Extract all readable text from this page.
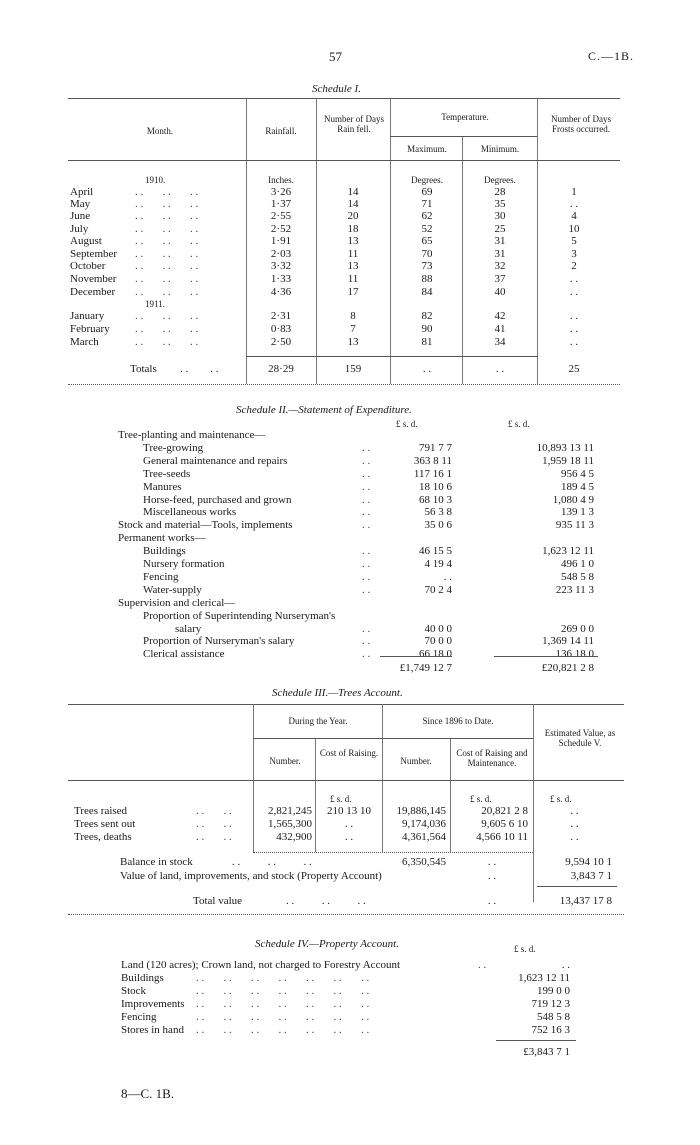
57	C.—1B.
Schedule I.
Month.	Rainfall.
Number of Days Rain fell.
Temperature.
Maximum.	Minimum.
Number of Days Frosts occurred.
1910.	Inches.	Degrees.	Degrees.
April	. .       . .       . .	3·26	14	69	28	1
May	. .       . .       . .	1·37	14	71	35	. .
June	. .       . .       . .	2·55	20	62	30	4
July	. .       . .       . .	2·52	18	52	25	10
August	. .       . .       . .	1·91	13	65	31	5
September . .       . .       . .	2·03	11	70	31	3
October	. .       . .       . .	3·32	13	73	32	2
November . .       . .       . .	1·33	11	88	37	. .
December . .       . .       . .	4·36	17	84	40	. .
January	. .       . .       . .	2·31	8	82	42	. .
February . .       . .       . .	0·83	7	90	41	. .
March	. .       . .       . .	2·50	13	81	34	. .
1911.
Totals . .        . .	28·29	159	. .	. .	25
Schedule II.—Statement of Expenditure.
£ s. d.	£ s. d.
Tree-planting and maintenance—
Tree-growing	. .	791 7 7	10,893 13 11
General maintenance and repairs	. .	363 8 11	1,959 18 11
Tree-seeds	. .	117 16 1	956 4 5
Manures	. .	18 10 6	189 4 5
Horse-feed, purchased and grown	. .	68 10 3	1,080 4 9
Miscellaneous works	. .	56 3 8	139 1 3
Stock and material—Tools, implements	. .	35 0 6	935 11 3
Permanent works—
Buildings	. .	46 15 5	1,623 12 11
Nursery formation	. .	4 19 4	496 1 0
Fencing	. .	. .	548 5 8
Water-supply	. .	70 2 4	223 11 3
Supervision and clerical—
Proportion of Superintending Nurseryman's
salary	. .	40 0 0	269 0 0
Proportion of Nurseryman's salary	. .	70 0 0	1,369 14 11
Clerical assistance	. .	66 18 0	136 18 0
£1,749 12 7	£20,821 2 8
Schedule III.—Trees Account.
During the Year.	Since 1896 to Date.
Number.
Cost of Raising.
Number.
Cost of Raising and Maintenance.
Estimated Value, as Schedule V.
£ s. d.	£ s. d.	£ s. d.
Trees raised	. .       . .	2,821,245	210 13 10	19,886,145	20,821 2 8	. .
Trees sent out	. .       . .	1,565,300	. .	9,174,036	9,605 6 10	. .
Trees, deaths	. .       . .	432,900	. .	4,361,564	4,566 10 11	. .
Balance in stock	. .          . .          . .	6,350,545	. .	9,594 10 1
Value of land, improvements, and stock (Property Account)	. .	3,843 7 1
Total value	. .          . .          . .	. .	13,437 17 8
Schedule IV.—Property Account.	£ s. d.
Land (120 acres); Crown land, not charged to Forestry Account	. .	. .
Buildings	. .       . .       . .       . .       . .       . .       . .	1,623 12 11
Stock	. .       . .       . .       . .       . .       . .       . .	199 0 0
Improvements . .       . .       . .       . .       . .       . .       . .	719 12 3
Fencing	. .       . .       . .       . .       . .       . .       . .	548 5 8
Stores in hand . .       . .       . .       . .       . .       . .       . .	752 16 3
£3,843 7 1
8—C. 1B.
